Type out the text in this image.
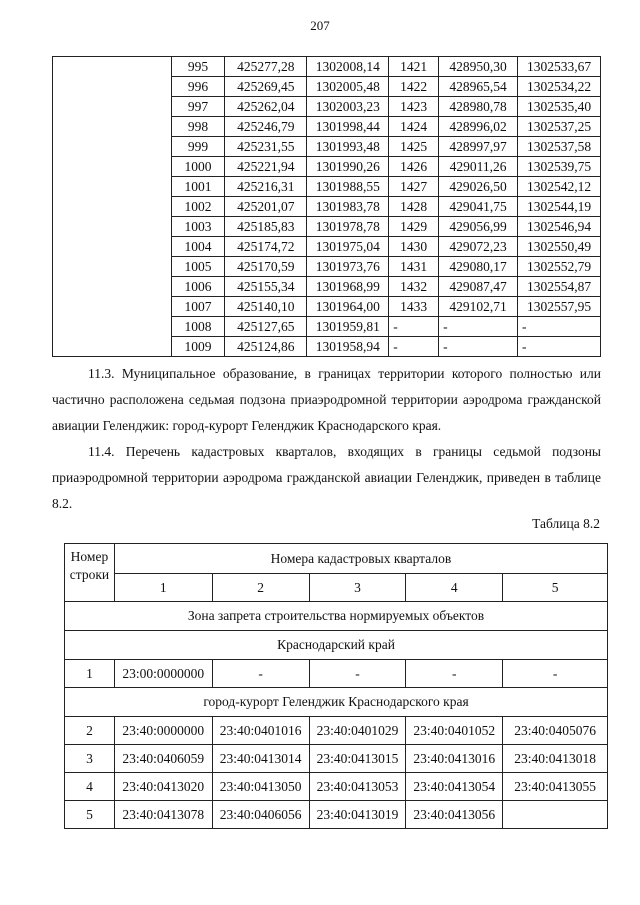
207
	995	425277,28	1302008,14	1421	428950,30	1302533,67
	996	425269,45	1302005,48	1422	428965,54	1302534,22
	997	425262,04	1302003,23	1423	428980,78	1302535,40
	998	425246,79	1301998,44	1424	428996,02	1302537,25
	999	425231,55	1301993,48	1425	428997,97	1302537,58
	1000	425221,94	1301990,26	1426	429011,26	1302539,75
	1001	425216,31	1301988,55	1427	429026,50	1302542,12
	1002	425201,07	1301983,78	1428	429041,75	1302544,19
	1003	425185,83	1301978,78	1429	429056,99	1302546,94
	1004	425174,72	1301975,04	1430	429072,23	1302550,49
	1005	425170,59	1301973,76	1431	429080,17	1302552,79
	1006	425155,34	1301968,99	1432	429087,47	1302554,87
	1007	425140,10	1301964,00	1433	429102,71	1302557,95
	1008	425127,65	1301959,81	-	-	-
	1009	425124,86	1301958,94	-	-	-

11.3. Муниципальное образование, в границах территории которого полностью или частично расположена седьмая подзона приаэродромной территории аэродрома гражданской авиации Геленджик: город-курорт Геленджик Краснодарского края.

11.4. Перечень кадастровых кварталов, входящих в границы седьмой подзоны приаэродромной территории аэродрома гражданской авиации Геленджик, приведен в таблице 8.2.

Таблица 8.2
Номер строки	Номера кадастровых кварталов				
	1	2	3	4	5
Зона запрета строительства нормируемых объектов					
Краснодарский край					
1	23:00:0000000	-	-	-	-
город-курорт Геленджик Краснодарского края					
2	23:40:0000000	23:40:0401016	23:40:0401029	23:40:0401052	23:40:0405076
3	23:40:0406059	23:40:0413014	23:40:0413015	23:40:0413016	23:40:0413018
4	23:40:0413020	23:40:0413050	23:40:0413053	23:40:0413054	23:40:0413055
5	23:40:0413078	23:40:0406056	23:40:0413019	23:40:0413056	
